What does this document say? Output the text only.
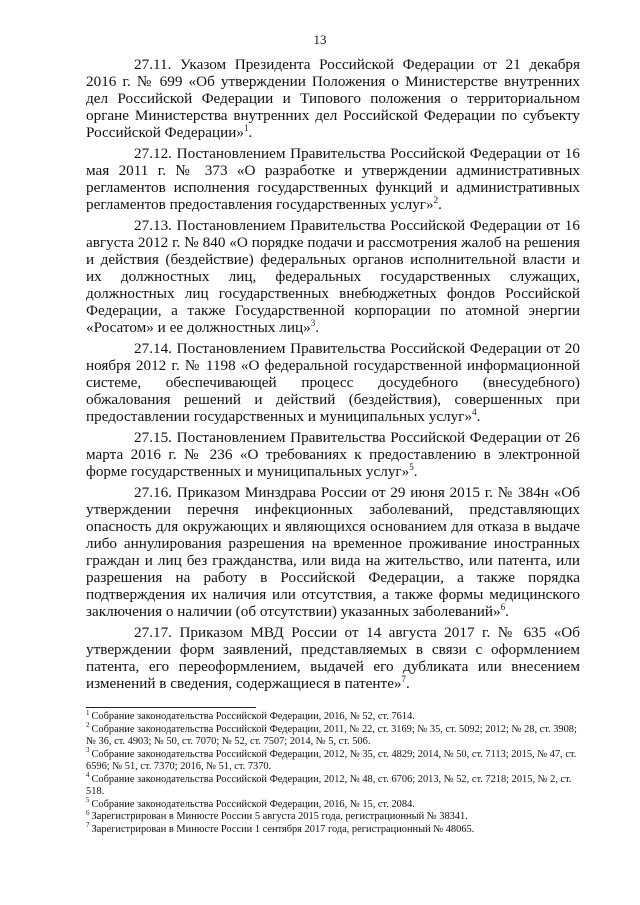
13

27.11. Указом Президента Российской Федерации от 21 декабря 2016 г. № 699 «Об утверждении Положения о Министерстве внутренних дел Российской Федерации и Типового положения о территориальном органе Министерства внутренних дел Российской Федерации по субъекту Российской Федерации»$^1$.

27.12. Постановлением Правительства Российской Федерации от 16 мая 2011 г. № 373 «О разработке и утверждении административных регламентов исполнения государственных функций и административных регламентов предоставления государственных услуг»$^2$.

27.13. Постановлением Правительства Российской Федерации от 16 августа 2012 г. № 840 «О порядке подачи и рассмотрения жалоб на решения и действия (бездействие) федеральных органов исполнительной власти и их должностных лиц, федеральных государственных служащих, должностных лиц государственных внебюджетных фондов Российской Федерации, а также Государственной корпорации по атомной энергии «Росатом» и ее должностных лиц»$^3$.

27.14. Постановлением Правительства Российской Федерации от 20 ноября 2012 г. № 1198 «О федеральной государственной информационной системе, обеспечивающей процесс досудебного (внесудебного) обжалования решений и действий (бездействия), совершенных при предоставлении государственных и муниципальных услуг»$^4$.

27.15. Постановлением Правительства Российской Федерации от 26 марта 2016 г. № 236 «О требованиях к предоставлению в электронной форме государственных и муниципальных услуг»$^5$.

27.16. Приказом Минздрава России от 29 июня 2015 г. № 384н «Об утверждении перечня инфекционных заболеваний, представляющих опасность для окружающих и являющихся основанием для отказа в выдаче либо аннулирования разрешения на временное проживание иностранных граждан и лиц без гражданства, или вида на жительство, или патента, или разрешения на работу в Российской Федерации, а также порядка подтверждения их наличия или отсутствия, а также формы медицинского заключения о наличии (об отсутствии) указанных заболеваний»$^6$.

27.17. Приказом МВД России от 14 августа 2017 г. № 635 «Об утверждении форм заявлений, представляемых в связи с оформлением патента, его переоформлением, выдачей его дубликата или внесением изменений в сведения, содержащиеся в патенте»$^7$.

$^1$ Собрание законодательства Российской Федерации, 2016, № 52, ст. 7614.

$^2$ Собрание законодательства Российской Федерации, 2011, № 22, ст. 3169; № 35, ст. 5092; 2012; № 28, ст. 3908; № 36, ст. 4903; № 50, ст. 7070; № 52, ст. 7507; 2014, № 5, ст. 506.

$^3$ Собрание законодательства Российской Федерации, 2012, № 35, ст. 4829; 2014, № 50, ст. 7113; 2015, № 47, ст. 6596; № 51, ст. 7370; 2016, № 51, ст. 7370.

$^4$ Собрание законодательства Российской Федерации, 2012, № 48, ст. 6706; 2013, № 52, ст. 7218; 2015, № 2, ст. 518.

$^5$ Собрание законодательства Российской Федерации, 2016, № 15, ст. 2084.

$^6$ Зарегистрирован в Минюсте России 5 августа 2015 года, регистрационный № 38341.

$^7$ Зарегистрирован в Минюсте России 1 сентября 2017 года, регистрационный № 48065.
